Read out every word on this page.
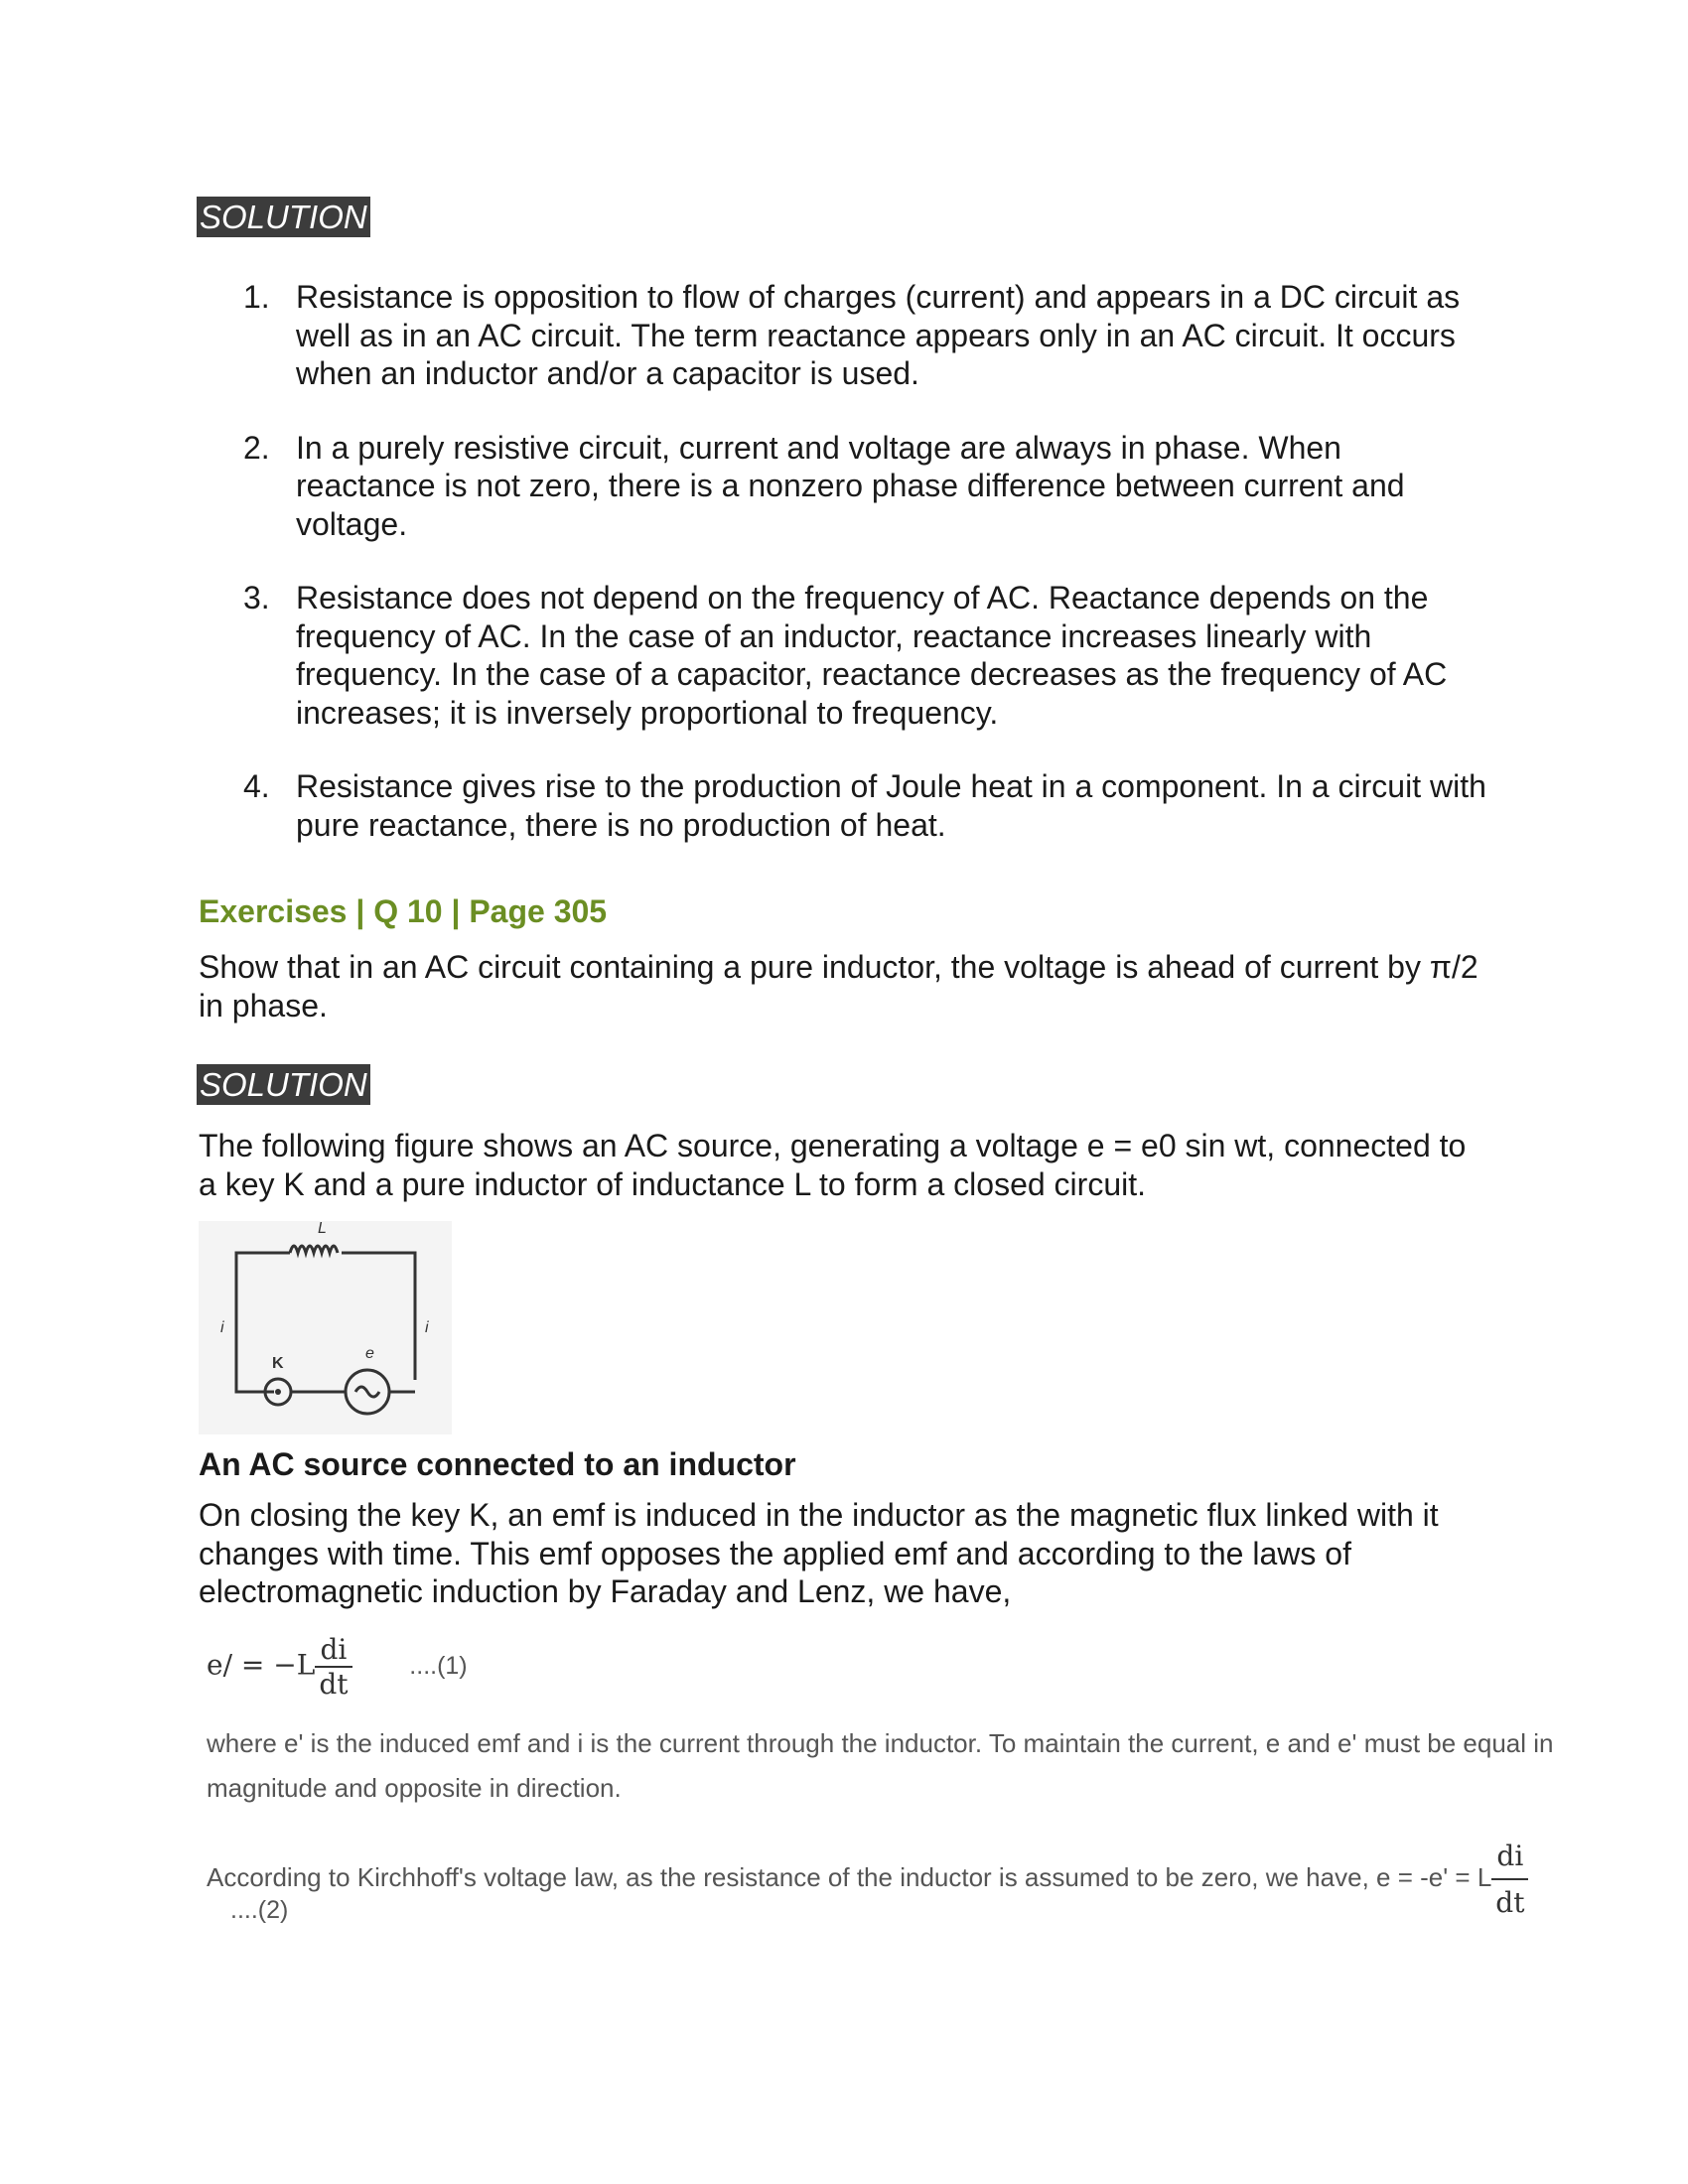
SOLUTION
1. Resistance is opposition to flow of charges (current) and appears in a DC circuit as well as in an AC circuit. The term reactance appears only in an AC circuit. It occurs when an inductor and/or a capacitor is used.
2. In a purely resistive circuit, current and voltage are always in phase. When reactance is not zero, there is a nonzero phase difference between current and voltage.
3. Resistance does not depend on the frequency of AC. Reactance depends on the frequency of AC. In the case of an inductor, reactance increases linearly with frequency. In the case of a capacitor, reactance decreases as the frequency of AC increases; it is inversely proportional to frequency.
4. Resistance gives rise to the production of Joule heat in a component. In a circuit with pure reactance, there is no production of heat.
Exercises | Q 10 | Page 305
Show that in an AC circuit containing a pure inductor, the voltage is ahead of current by π/2 in phase.
SOLUTION
The following figure shows an AC source, generating a voltage e = e0 sin wt, connected to a key K and a pure inductor of inductance L to form a closed circuit.
L
i	i
K
e
An AC source connected to an inductor
On closing the key K, an emf is induced in the inductor as the magnetic flux linked with it changes with time. This emf opposes the applied emf and according to the laws of electromagnetic induction by Faraday and Lenz, we have,
$e/ = -L \frac{di}{dt} ....(1)$
where e' is the induced emf and i is the current through the inductor. To maintain the current, e and e' must be equal in magnitude and opposite in direction.
According to Kirchhoff's voltage law, as the resistance of the inductor is assumed to be zero, we have, e = -e' = L $\frac{di}{dt}$
....(2)
